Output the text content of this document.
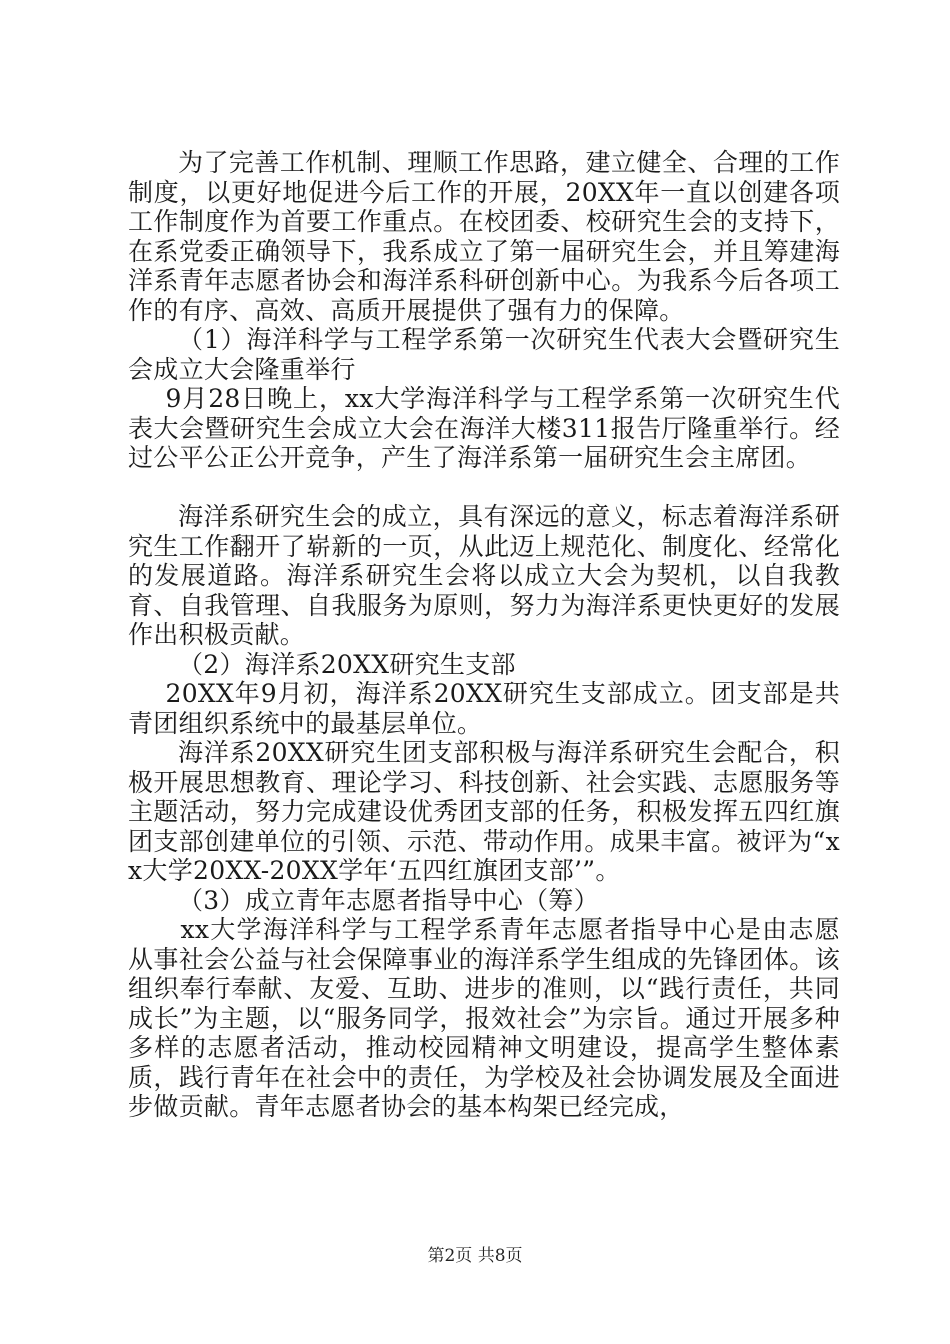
为了完善工作机制、理顺工作思路，建立健全、合理的工作制度，以更好地促进今后工作的开展，20XX年一直以创建各项工作制度作为首要工作重点。在校团委、校研究生会的支持下，在系党委正确领导下，我系成立了第一届研究生会，并且筹建海洋系青年志愿者协会和海洋系科研创新中心。为我系今后各项工作的有序、高效、高质开展提供了强有力的保障。

（1）海洋科学与工程学系第一次研究生代表大会暨研究生会成立大会隆重举行

9月28日晚上，xx大学海洋科学与工程学系第一次研究生代表大会暨研究生会成立大会在海洋大楼311报告厅隆重举行。经过公平公正公开竞争，产生了海洋系第一届研究生会主席团。

海洋系研究生会的成立，具有深远的意义，标志着海洋系研究生工作翻开了崭新的一页，从此迈上规范化、制度化、经常化的发展道路。海洋系研究生会将以成立大会为契机，以自我教育、自我管理、自我服务为原则，努力为海洋系更快更好的发展作出积极贡献。

（2）海洋系20XX研究生支部

20XX年9月初，海洋系20XX研究生支部成立。团支部是共青团组织系统中的最基层单位。

海洋系20XX研究生团支部积极与海洋系研究生会配合，积极开展思想教育、理论学习、科技创新、社会实践、志愿服务等主题活动，努力完成建设优秀团支部的任务，积极发挥五四红旗团支部创建单位的引领、示范、带动作用。成果丰富。被评为“xx大学20XX-20XX学年‘五四红旗团支部’”。

（3）成立青年志愿者指导中心（筹）

xx大学海洋科学与工程学系青年志愿者指导中心是由志愿从事社会公益与社会保障事业的海洋系学生组成的先锋团体。该组织奉行奉献、友爱、互助、进步的准则，以“践行责任，共同成长”为主题，以“服务同学，报效社会”为宗旨。通过开展多种多样的志愿者活动，推动校园精神文明建设，提高学生整体素质，践行青年在社会中的责任，为学校及社会协调发展及全面进步做贡献。青年志愿者协会的基本构架已经完成，

第2页 共8页
